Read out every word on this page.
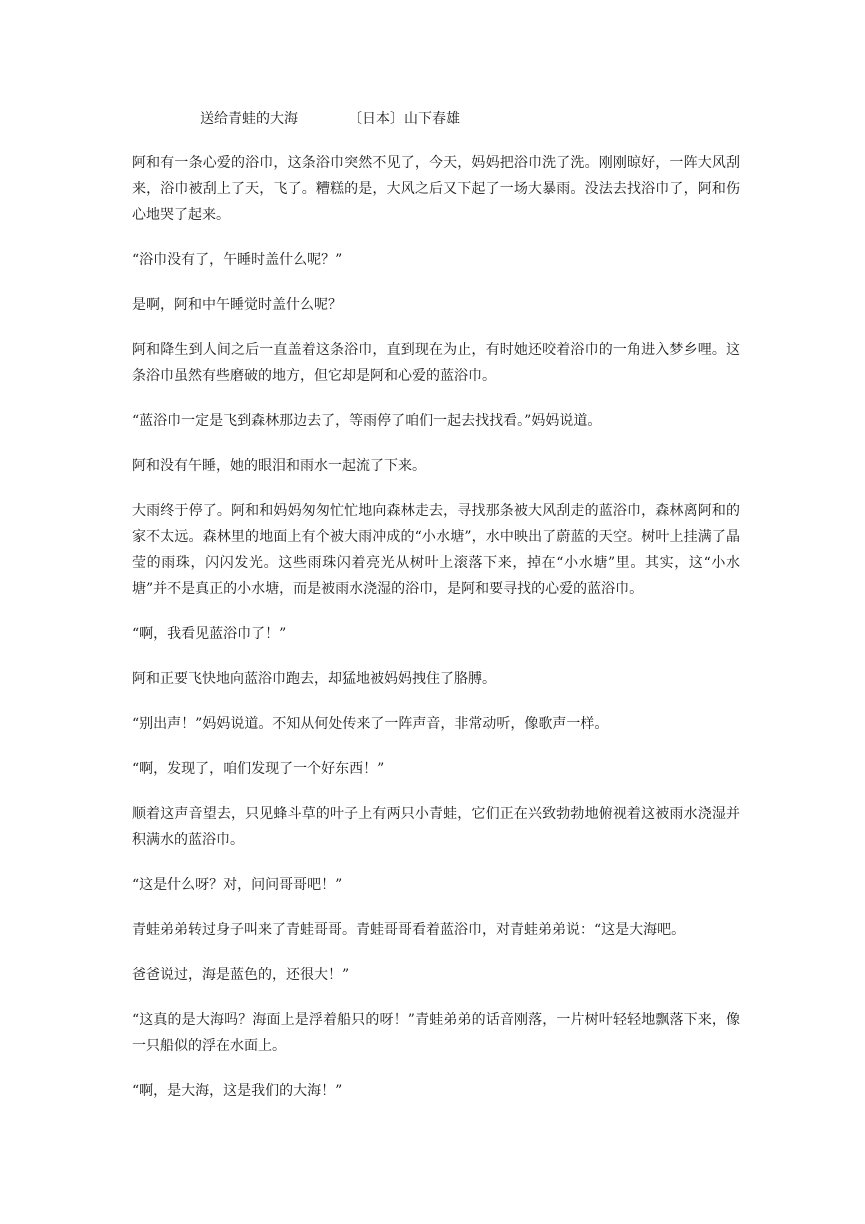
送给青蛙的大海	〔日本〕山下春雄

阿和有一条心爱的浴巾，这条浴巾突然不见了，今天，妈妈把浴巾洗了洗。刚刚晾好，一阵大风刮来，浴巾被刮上了天，飞了。糟糕的是，大风之后又下起了一场大暴雨。没法去找浴巾了，阿和伤心地哭了起来。

“浴巾没有了，午睡时盖什么呢？”

是啊，阿和中午睡觉时盖什么呢？

阿和降生到人间之后一直盖着这条浴巾，直到现在为止，有时她还咬着浴巾的一角进入梦乡哩。这条浴巾虽然有些磨破的地方，但它却是阿和心爱的蓝浴巾。

“蓝浴巾一定是飞到森林那边去了，等雨停了咱们一起去找找看。”妈妈说道。

阿和没有午睡，她的眼泪和雨水一起流了下来。

大雨终于停了。阿和和妈妈匆匆忙忙地向森林走去，寻找那条被大风刮走的蓝浴巾，森林离阿和的家不太远。森林里的地面上有个被大雨冲成的“小水塘”，水中映出了蔚蓝的天空。树叶上挂满了晶莹的雨珠，闪闪发光。这些雨珠闪着亮光从树叶上滚落下来，掉在“小水塘”里。其实，这“小水塘”并不是真正的小水塘，而是被雨水浇湿的浴巾，是阿和要寻找的心爱的蓝浴巾。

“啊，我看见蓝浴巾了！”

阿和正要飞快地向蓝浴巾跑去，却猛地被妈妈拽住了胳膊。

“别出声！”妈妈说道。不知从何处传来了一阵声音，非常动听，像歌声一样。

“啊，发现了，咱们发现了一个好东西！”

顺着这声音望去，只见蜂斗草的叶子上有两只小青蛙，它们正在兴致勃勃地俯视着这被雨水浇湿并积满水的蓝浴巾。

“这是什么呀？对，问问哥哥吧！”

青蛙弟弟转过身子叫来了青蛙哥哥。青蛙哥哥看着蓝浴巾，对青蛙弟弟说：“这是大海吧。

爸爸说过，海是蓝色的，还很大！”

“这真的是大海吗？海面上是浮着船只的呀！”青蛙弟弟的话音刚落，一片树叶轻轻地飘落下来，像一只船似的浮在水面上。

“啊，是大海，这是我们的大海！”
